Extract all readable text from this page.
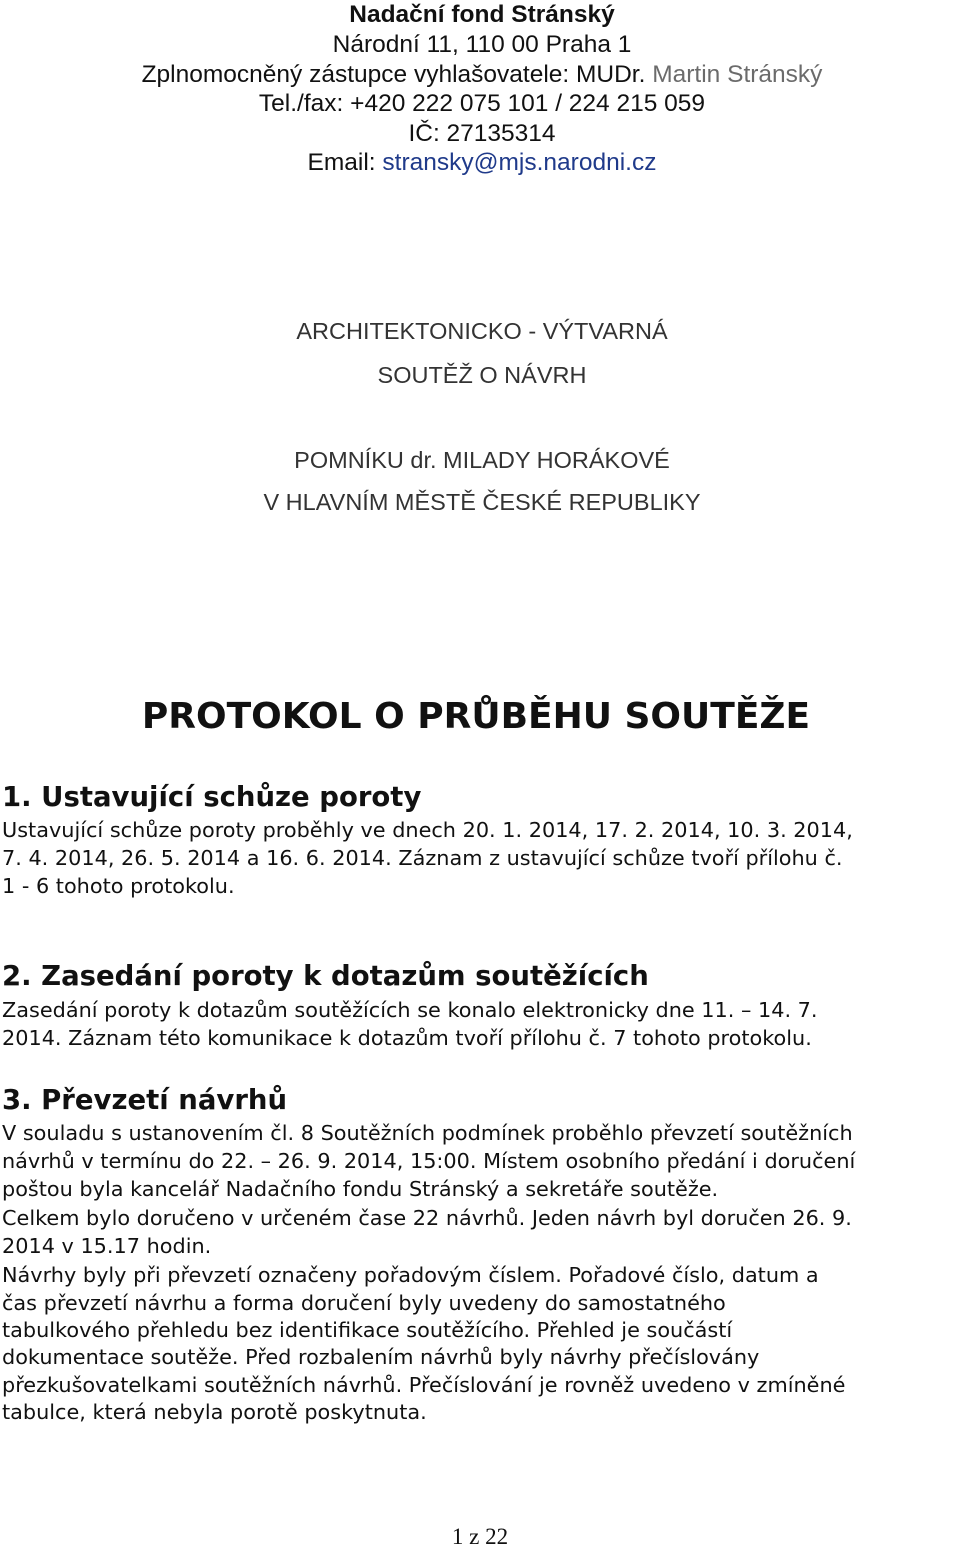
Nadační fond Stránský
Národní 11, 110 00 Praha 1
Zplnomocněný zástupce vyhlašovatele: MUDr. Martin Stránský
Tel./fax: +420 222 075 101 / 224 215 059
IČ: 27135314
Email: stransky@mjs.narodni.cz
ARCHITEKTONICKO - VÝTVARNÁ
SOUTĚŽ O NÁVRH
POMNÍKU dr. MILADY HORÁKOVÉ
V HLAVNÍM MĚSTĚ ČESKÉ REPUBLIKY
PROTOKOL O PRŮBĚHU SOUTĚŽE
1. Ustavující schůze poroty
Ustavující schůze poroty proběhly ve dnech 20. 1. 2014, 17. 2. 2014, 10. 3. 2014,
7. 4. 2014, 26. 5. 2014 a 16. 6. 2014. Záznam z ustavující schůze tvoří přílohu č.
1 - 6 tohoto protokolu.
2. Zasedání poroty k dotazům soutěžících
Zasedání poroty k dotazům soutěžících se konalo elektronicky dne 11. – 14. 7.
2014. Záznam této komunikace k dotazům tvoří přílohu č. 7 tohoto protokolu.
3. Převzetí návrhů
V souladu s ustanovením čl. 8 Soutěžních podmínek proběhlo převzetí soutěžních
návrhů v termínu do 22. – 26. 9. 2014, 15:00. Místem osobního předání i doručení
poštou byla kancelář Nadačního fondu Stránský a sekretáře soutěže.
Celkem bylo doručeno v určeném čase 22 návrhů. Jeden návrh byl doručen 26. 9.
2014 v 15.17 hodin.
Návrhy byly při převzetí označeny pořadovým číslem. Pořadové číslo, datum a
čas převzetí návrhu a forma doručení byly uvedeny do samostatného
tabulkového přehledu bez identifikace soutěžícího. Přehled je součástí
dokumentace soutěže. Před rozbalením návrhů byly návrhy přečíslovány
přezkušovatelkami soutěžních návrhů. Přečíslování je rovněž uvedeno v zmíněné
tabulce, která nebyla porotě poskytnuta.
1 z 22
